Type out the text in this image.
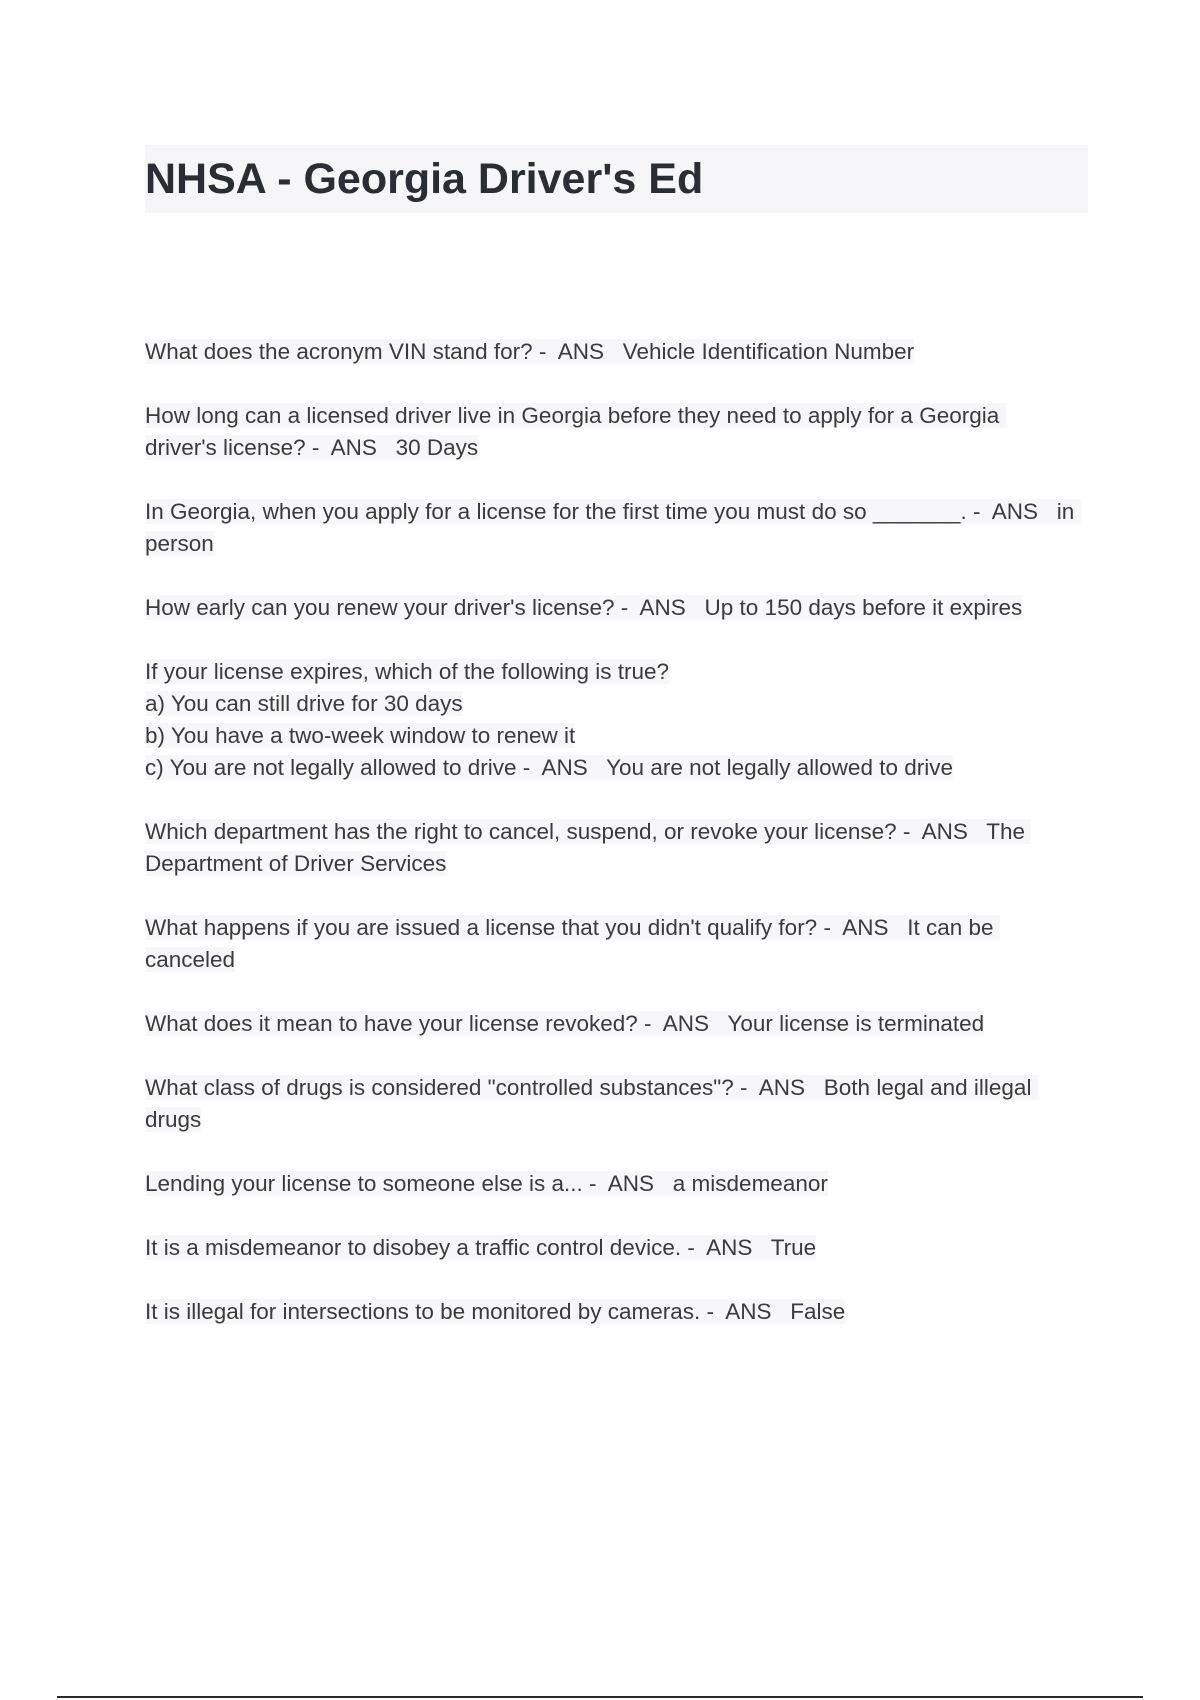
NHSA - Georgia Driver's Ed
What does the acronym VIN stand for? -  ANS   Vehicle Identification Number
How long can a licensed driver live in Georgia before they need to apply for a Georgia driver's license? -  ANS   30 Days
In Georgia, when you apply for a license for the first time you must do so _______. -  ANS   in person
How early can you renew your driver's license? -  ANS   Up to 150 days before it expires
If your license expires, which of the following is true?
a) You can still drive for 30 days
b) You have a two-week window to renew it
c) You are not legally allowed to drive -  ANS   You are not legally allowed to drive
Which department has the right to cancel, suspend, or revoke your license? -  ANS   The Department of Driver Services
What happens if you are issued a license that you didn't qualify for? -  ANS   It can be canceled
What does it mean to have your license revoked? -  ANS   Your license is terminated
What class of drugs is considered "controlled substances"? -  ANS   Both legal and illegal drugs
Lending your license to someone else is a... -  ANS   a misdemeanor
It is a misdemeanor to disobey a traffic control device. -  ANS   True
It is illegal for intersections to be monitored by cameras. -  ANS   False
